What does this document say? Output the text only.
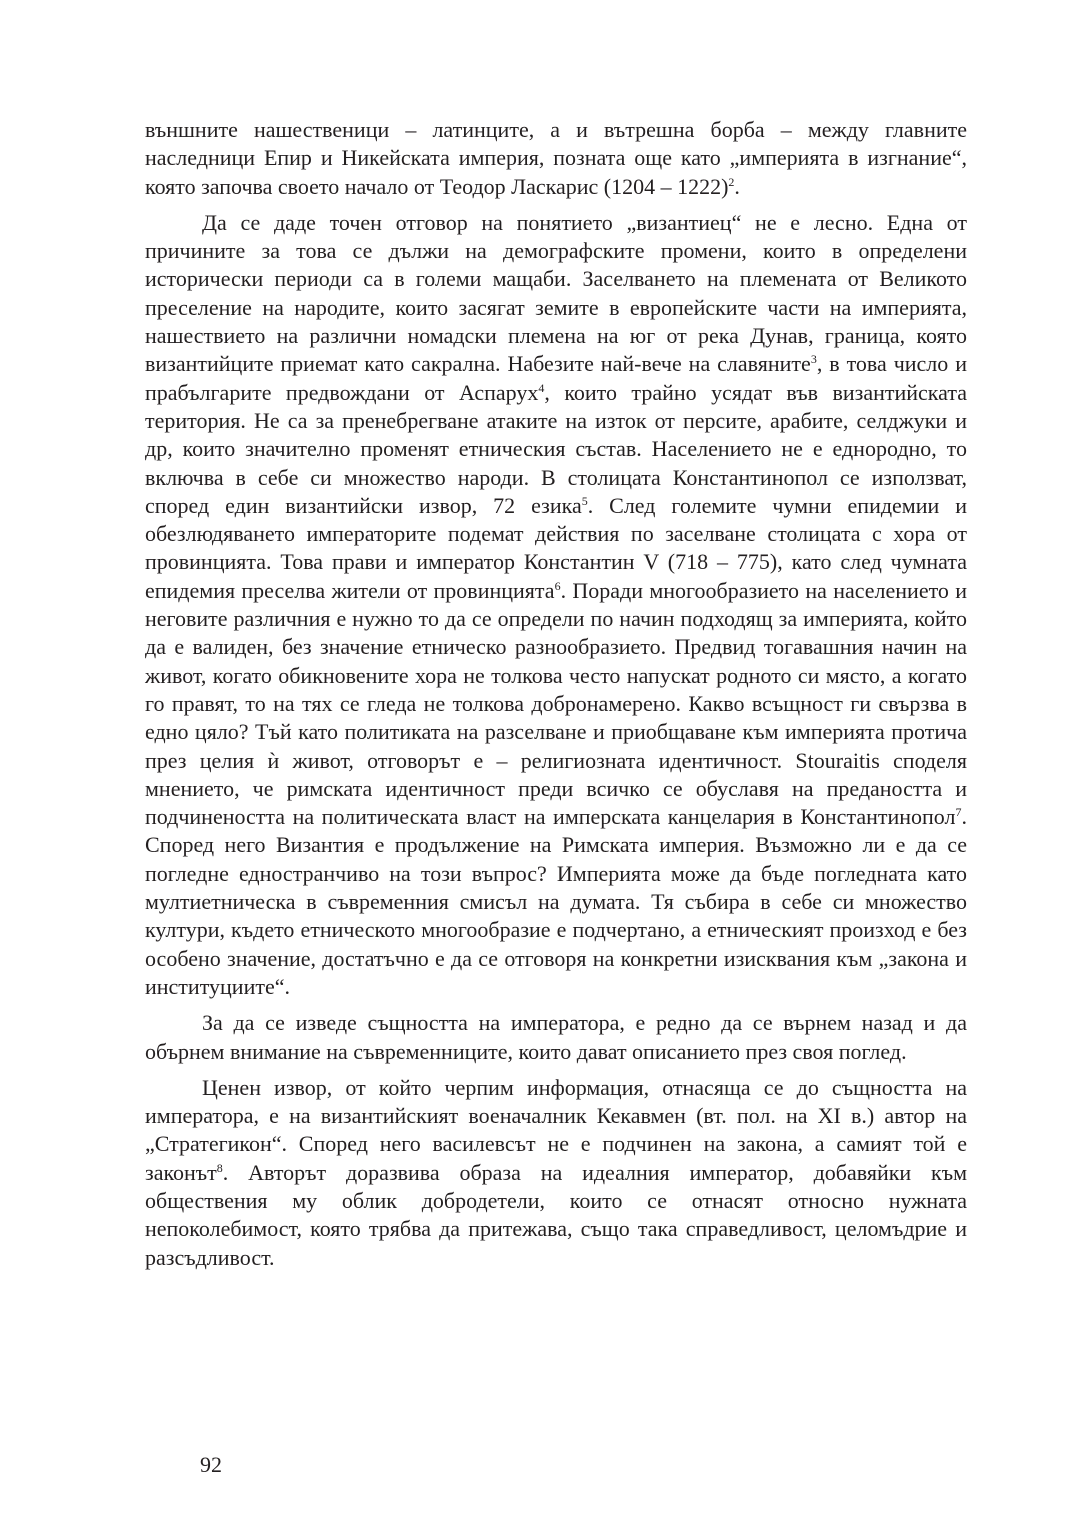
външните нашественици – латинците, а и вътрешна борба – между главните наследници Епир и Никейската империя, позната още като „империята в изгнание“, която започва своето начало от Теодор Ласкарис (1204 – 1222)$^2$.

Да се даде точен отговор на понятието „византиец“ не е лесно. Една от причините за това се дължи на демографските промени, които в определени исторически периоди са в големи мащаби. Заселването на племената от Великото преселение на народите, които засягат земите в европейските части на империята, нашествието на различни номадски племена на юг от река Дунав, граница, която византийците приемат като сакрална. Набезите най-вече на славяните$^3$, в това число и прабългарите предвождани от Аспарух$^4$, които трайно усядат във византийската територия. Не са за пренебрегване атаките на изток от персите, арабите, селджуки и др, които значително променят етническия състав. Населението не е еднородно, то включва в себе си множество народи. В столицата Константинопол се използват, според един византийски извор, 72 езика$^5$. След големите чумни епидемии и обезлюдяването императорите подемат действия по заселване столицата с хора от провинцията. Това прави и император Константин V (718 – 775), като след чумната епидемия преселва жители от провинцията$^6$. Поради многообразието на населението и неговите различния е нужно то да се определи по начин подходящ за империята, който да е валиден, без значение етническо разнообразието. Предвид тогавашния начин на живот, когато обикновените хора не толкова често напускат родното си място, а когато го правят, то на тях се гледа не толкова добронамерено. Какво всъщност ги свързва в едно цяло? Тъй като политиката на разселване и приобщаване към империята протича през целия ѝ живот, отговорът е – религиозната идентичност. Stouraitis споделя мнението, че римската идентичност преди всичко се обуславя на предаността и подчинеността на политическата власт на имперската канцелария в Константинопол$^7$. Според него Византия е продължение на Римската империя. Възможно ли е да се погледне едностранчиво на този въпрос? Империята може да бъде погледната като мултиетническа в съвременния смисъл на думата. Тя събира в себе си множество култури, където етническото многообразие е подчертано, а етническият произход е без особено значение, достатъчно е да се отговоря на конкретни изисквания към „закона и институциите“.

За да се изведе същността на императора, е редно да се върнем назад и да обърнем внимание на съвременниците, които дават описанието през своя поглед.

Ценен извор, от който черпим информация, отнасяща се до същността на императора, е на византийският военачалник Кекавмен (вт. пол. на XI в.) автор на „Стратегикон“. Според него василевсът не е подчинен на закона, а самият той е законът$^8$. Авторът доразвива образа на идеалния император, добавяйки към обществения му облик добродетели, които се отнасят относно нужната непоколебимост, която трябва да притежава, също така справедливост, целомъдрие и разсъдливост.

92
